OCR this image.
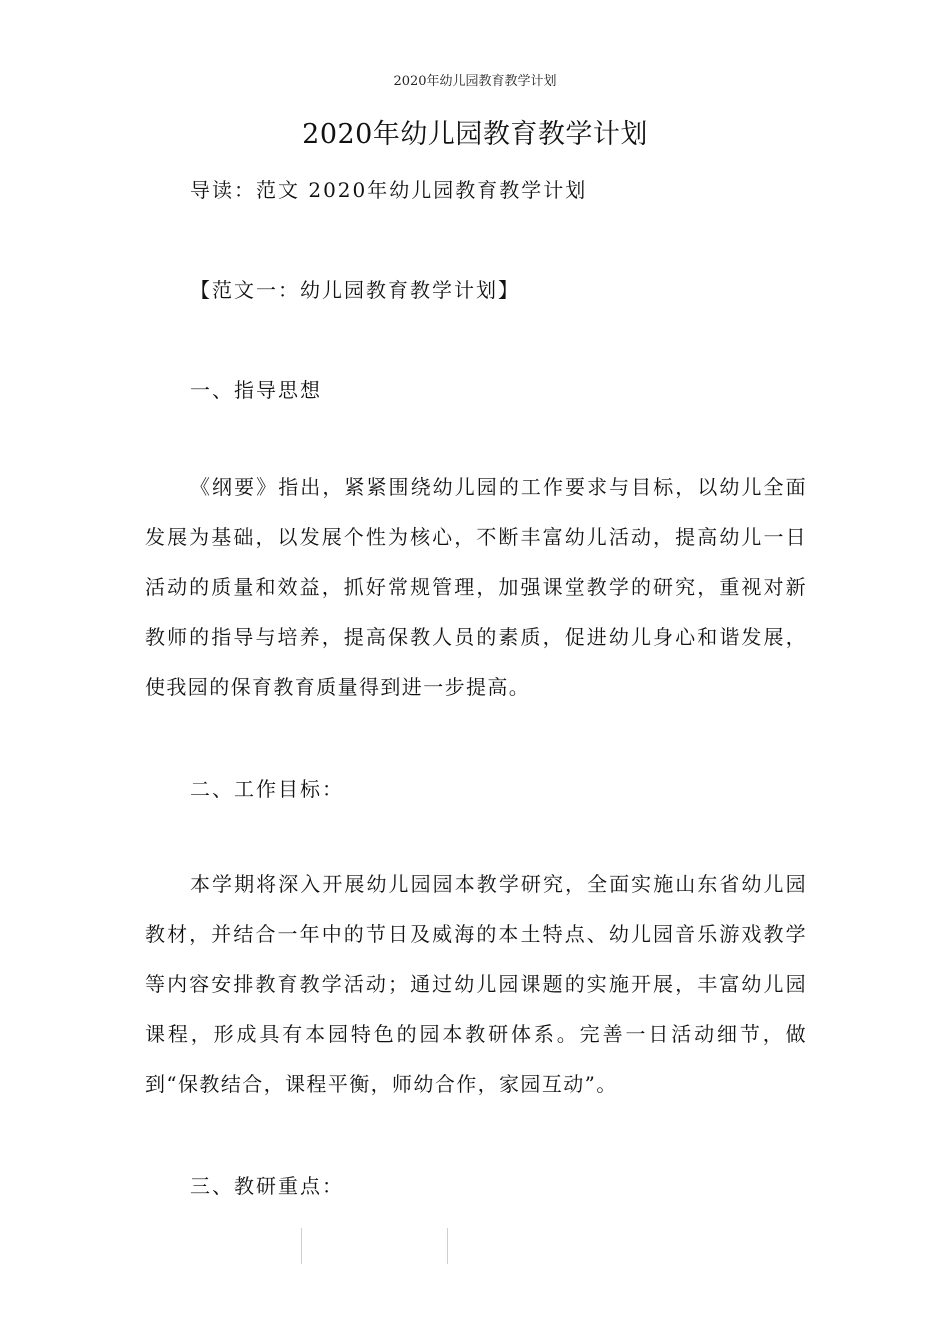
2020年幼儿园教育教学计划
2020年幼儿园教育教学计划
导读：范文 2020年幼儿园教育教学计划
【范文一：幼儿园教育教学计划】
一、指导思想

《纲要》指出，紧紧围绕幼儿园的工作要求与目标，以幼儿全面发展为基础，以发展个性为核心，不断丰富幼儿活动，提高幼儿一日活动的质量和效益，抓好常规管理，加强课堂教学的研究，重视对新教师的指导与培养，提高保教人员的素质，促进幼儿身心和谐发展，使我园的保育教育质量得到进一步提高。

二、工作目标：

本学期将深入开展幼儿园园本教学研究，全面实施山东省幼儿园教材，并结合一年中的节日及威海的本土特点、幼儿园音乐游戏教学等内容安排教育教学活动；通过幼儿园课题的实施开展，丰富幼儿园课程，形成具有本园特色的园本教研体系。完善一日活动细节，做到“保教结合，课程平衡，师幼合作，家园互动”。

三、教研重点：
